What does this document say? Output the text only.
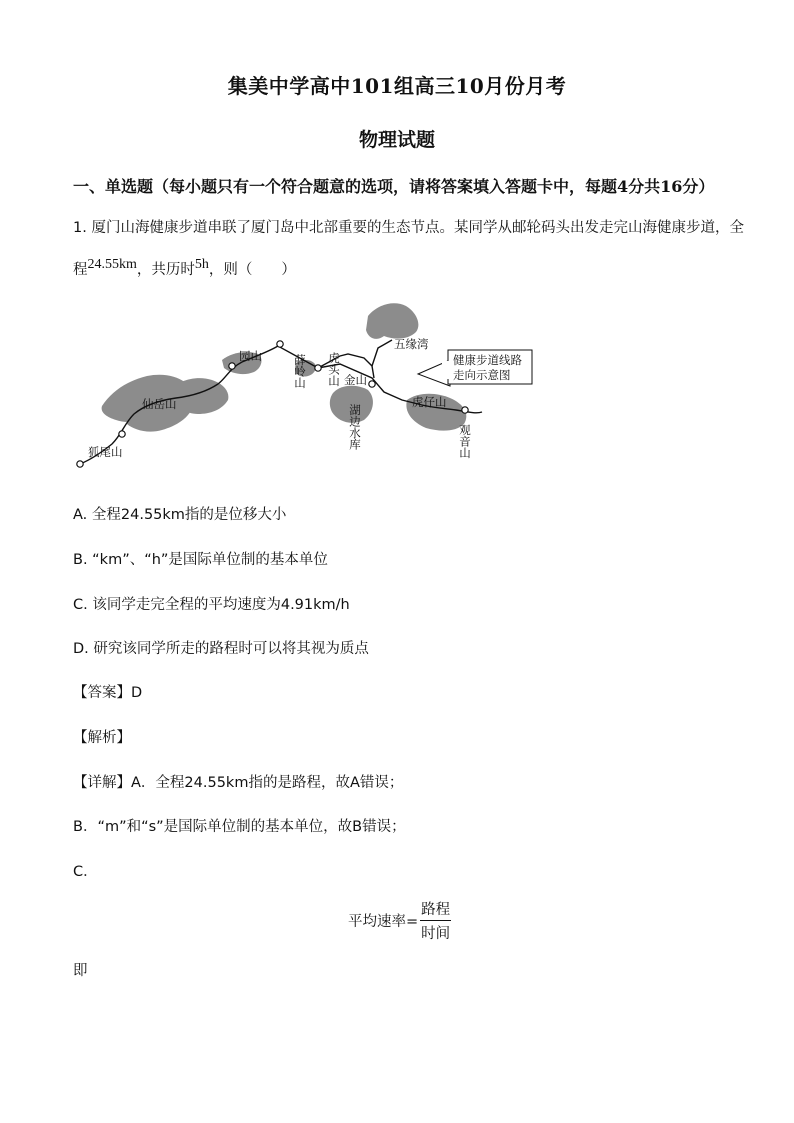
集美中学高中101组高三10月份月考
物理试题
一、单选题（每小题只有一个符合题意的选项，请将答案填入答题卡中，每题4分共16分）
1. 厦门山海健康步道串联了厦门岛中北部重要的生态节点。某同学从邮轮码头出发走完山海健康步道，全
程24.55km，共历时5h，则（　　）
健康步道线路
走向示意图
狐尾山
仙岳山
园山	薛岭山 虎头山 金山
五缘湾
湖边水库
虎仔山
观音山
A. 全程24.55km指的是位移大小
B. “km”、“h”是国际单位制的基本单位
C. 该同学走完全程的平均速度为4.91km/h
D. 研究该同学所走的路程时可以将其视为质点
【答案】D
【解析】
【详解】A．全程24.55km指的是路程，故A错误；
B．“m”和“s”是国际单位制的基本单位，故B错误；
C．
平均速率= $\frac{\text{路程}}{\text{时间}}$
即
